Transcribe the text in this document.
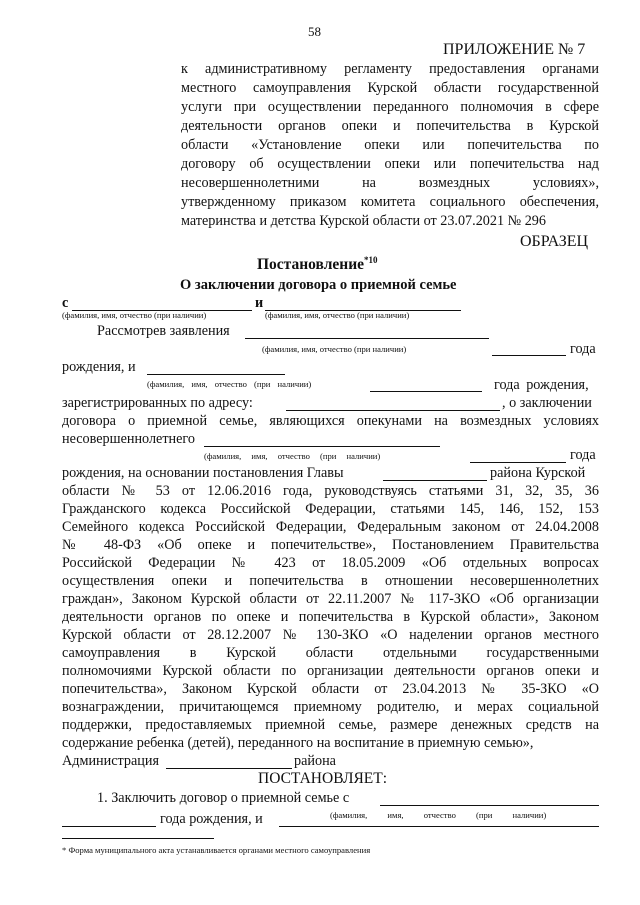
58
ПРИЛОЖЕНИЕ № 7
к административному регламенту предоставления органами
местного самоуправления Курской области государственной
услуги при осуществлении переданного полномочия в сфере
деятельности органов опеки и попечительства в Курской
области «Установление опеки или попечительства по
договору об осуществлении опеки или попечительства над
несовершеннолетними на возмездных условиях»,
утвержденному приказом комитета социального обеспечения,
материнства и детства Курской области от 23.07.2021 № 296
ОБРАЗЕЦ
Постановление$^{*10}$
О заключении договора о приемной семье
с	и
(фамилия, имя, отчество (при наличии)	(фамилия, имя, отчество (при наличии)
Рассмотрев заявления
(фамилия, имя, отчество (при наличии)	года
рождения, и
(фамилия, имя, отчество (при наличии)	года рождения,
зарегистрированных по адресу:	, о заключении
договора о приемной семье, являющихся опекунами на возмездных условиях
несовершеннолетнего
(фамилия, имя, отчество (при наличии)	года
рождения, на основании постановления Главы	района Курской
области № 53 от 12.06.2016 года, руководствуясь статьями 31, 32, 35, 36
Гражданского кодекса Российской Федерации, статьями 145, 146, 152, 153
Семейного кодекса Российской Федерации, Федеральным законом от 24.04.2008
№ 48-ФЗ «Об опеке и попечительстве», Постановлением Правительства
Российской Федерации № 423 от 18.05.2009 «Об отдельных вопросах
осуществления опеки и попечительства в отношении несовершеннолетних
граждан», Законом Курской области от 22.11.2007 № 117-ЗКО «Об организации
деятельности органов по опеке и попечительства в Курской области», Законом
Курской области от 28.12.2007 № 130-ЗКО «О наделении органов местного
самоуправления в Курской области отдельными государственными
полномочиями Курской области по организации деятельности органов опеки и
попечительства», Законом Курской области от 23.04.2013 № 35-ЗКО «О
вознаграждении, причитающемся приемному родителю, и мерах социальной
поддержки, предоставляемых приемной семье, размере денежных средств на
содержание ребенка (детей), переданного на воспитание в приемную семью»,
Администрация	района
ПОСТАНОВЛЯЕТ:
1. Заключить договор о приемной семье с
(фамилия, имя, отчество (при наличии)
года рождения, и
* Форма муниципального акта устанавливается органами местного самоуправления
